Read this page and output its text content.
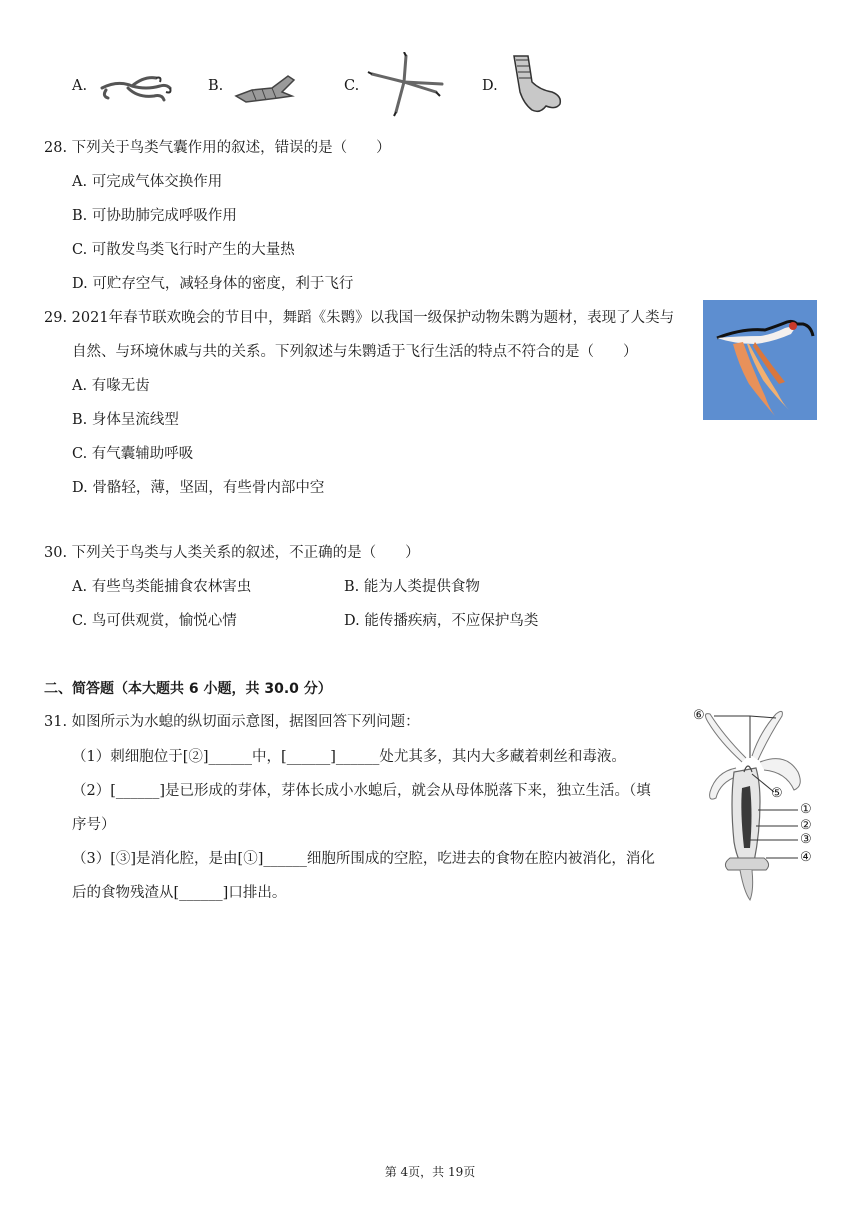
A.	B.	C.	D.
28. 下列关于鸟类气囊作用的叙述，错误的是（　　）
A. 可完成气体交换作用
B. 可协助肺完成呼吸作用
C. 可散发鸟类飞行时产生的大量热
D. 可贮存空气，减轻身体的密度，利于飞行
29. 2021年春节联欢晚会的节目中，舞蹈《朱鹮》以我国一级保护动物朱鹮为题材，表现了人类与
自然、与环境休戚与共的关系。下列叙述与朱鹮适于飞行生活的特点不符合的是（　　）
A. 有喙无齿
B. 身体呈流线型
C. 有气囊辅助呼吸
D. 骨骼轻，薄，坚固，有些骨内部中空
30. 下列关于鸟类与人类关系的叙述，不正确的是（　　）
A. 有些鸟类能捕食农林害虫	B. 能为人类提供食物
C. 鸟可供观赏，愉悦心情	D. 能传播疾病，不应保护鸟类
二、简答题（本大题共 6 小题，共 30.0 分）
31. 如图所示为水螅的纵切面示意图，据图回答下列问题：
（1）刺细胞位于[②]______中，[______]______处尤其多，其内大多藏着刺丝和毒液。
（2）[______]是已形成的芽体，芽体长成小水螅后，就会从母体脱落下来，独立生活。（填
序号）
（3）[③]是消化腔，是由[①]______细胞所围成的空腔，吃进去的食物在腔内被消化，消化
后的食物残渣从[______]口排出。
⑥
⑤
①
②
③
④
第 4页，共 19页
